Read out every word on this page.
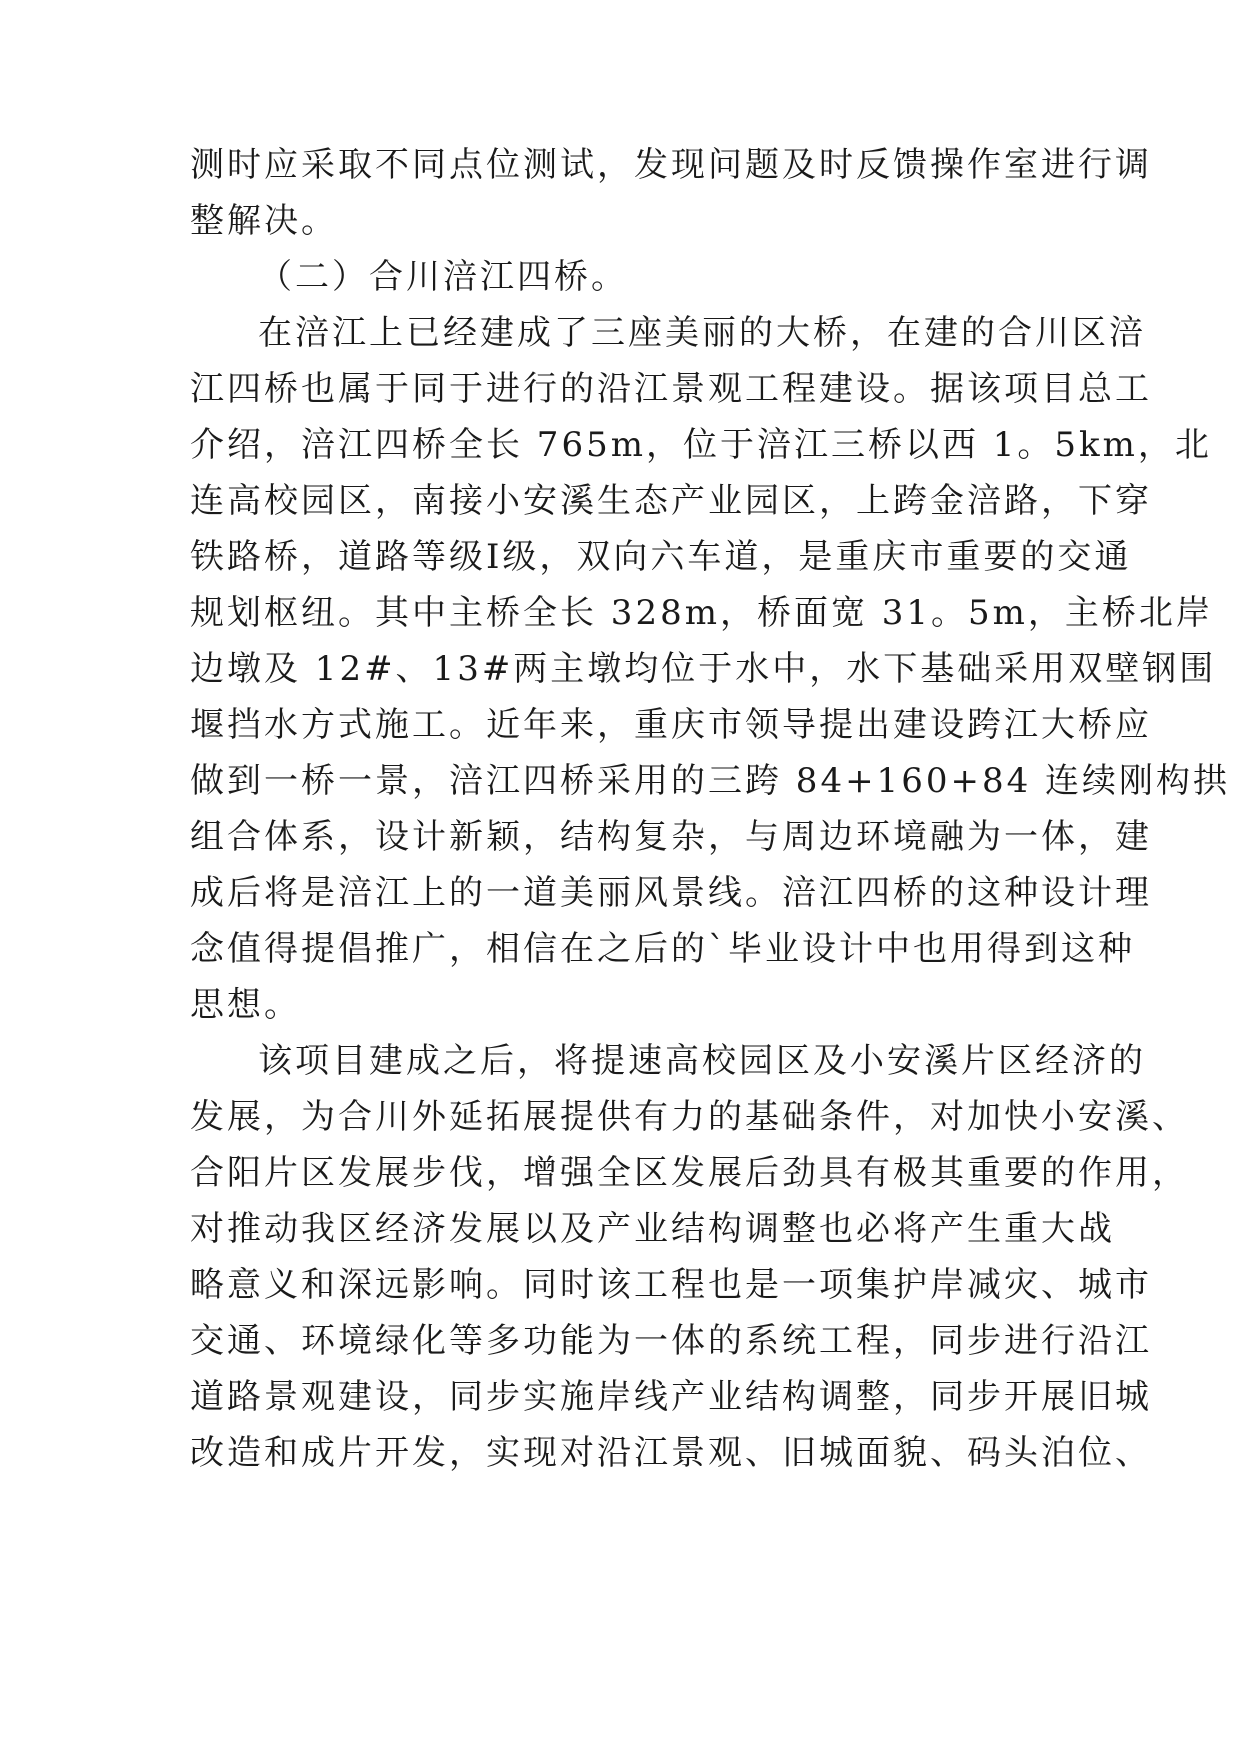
测时应采取不同点位测试，发现问题及时反馈操作室进行调
整解决。
（二）合川涪江四桥。
在涪江上已经建成了三座美丽的大桥，在建的合川区涪
江四桥也属于同于进行的沿江景观工程建设。据该项目总工
介绍，涪江四桥全长 765m，位于涪江三桥以西 1。5km，北
连高校园区，南接小安溪生态产业园区，上跨金涪路，下穿
铁路桥，道路等级Ⅰ级，双向六车道，是重庆市重要的交通
规划枢纽。其中主桥全长 328m，桥面宽 31。5m，主桥北岸
边墩及 12#、13#两主墩均位于水中，水下基础采用双壁钢围
堰挡水方式施工。近年来，重庆市领导提出建设跨江大桥应
做到一桥一景，涪江四桥采用的三跨 84+160+84 连续刚构拱
组合体系，设计新颖，结构复杂，与周边环境融为一体，建
成后将是涪江上的一道美丽风景线。涪江四桥的这种设计理
念值得提倡推广，相信在之后的`毕业设计中也用得到这种
思想。
该项目建成之后，将提速高校园区及小安溪片区经济的
发展，为合川外延拓展提供有力的基础条件，对加快小安溪、
合阳片区发展步伐，增强全区发展后劲具有极其重要的作用，
对推动我区经济发展以及产业结构调整也必将产生重大战
略意义和深远影响。同时该工程也是一项集护岸减灾、城市
交通、环境绿化等多功能为一体的系统工程，同步进行沿江
道路景观建设，同步实施岸线产业结构调整，同步开展旧城
改造和成片开发，实现对沿江景观、旧城面貌、码头泊位、
